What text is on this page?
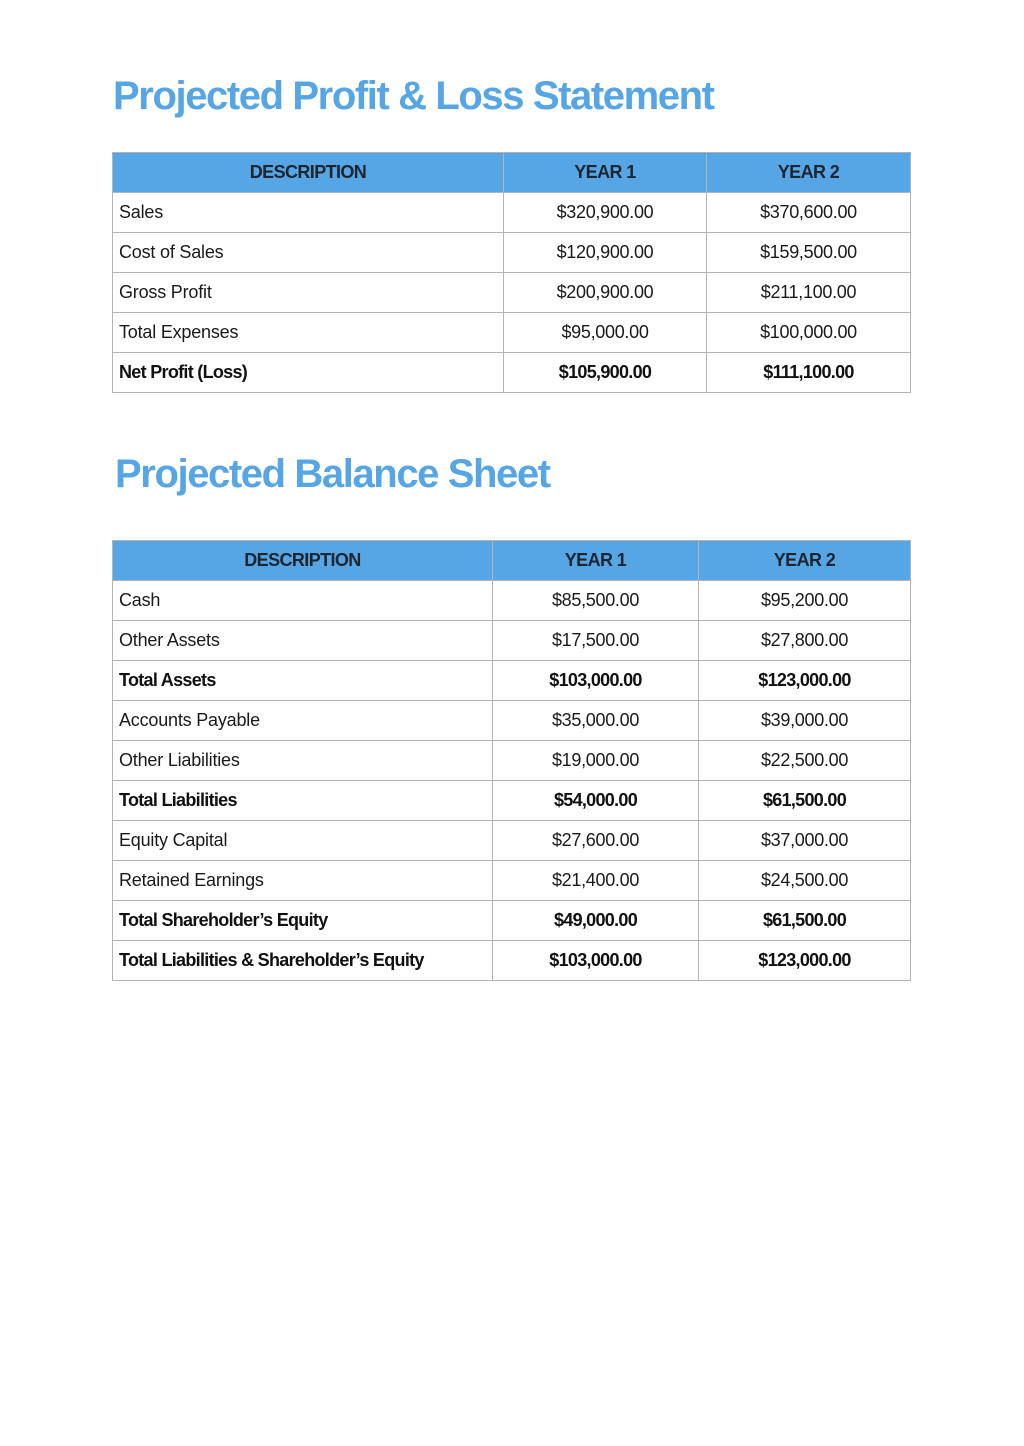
Projected Profit & Loss Statement
DESCRIPTION	YEAR 1	YEAR 2
Sales	$320,900.00	$370,600.00
Cost of Sales	$120,900.00	$159,500.00
Gross Profit	$200,900.00	$211,100.00
Total Expenses	$95,000.00	$100,000.00
Net Profit (Loss)	$105,900.00	$111,100.00
Projected Balance Sheet
DESCRIPTION	YEAR 1	YEAR 2
Cash	$85,500.00	$95,200.00
Other Assets	$17,500.00	$27,800.00
Total Assets	$103,000.00	$123,000.00
Accounts Payable	$35,000.00	$39,000.00
Other Liabilities	$19,000.00	$22,500.00
Total Liabilities	$54,000.00	$61,500.00
Equity Capital	$27,600.00	$37,000.00
Retained Earnings	$21,400.00	$24,500.00
Total Shareholder’s Equity	$49,000.00	$61,500.00
Total Liabilities & Shareholder’s Equity	$103,000.00	$123,000.00
